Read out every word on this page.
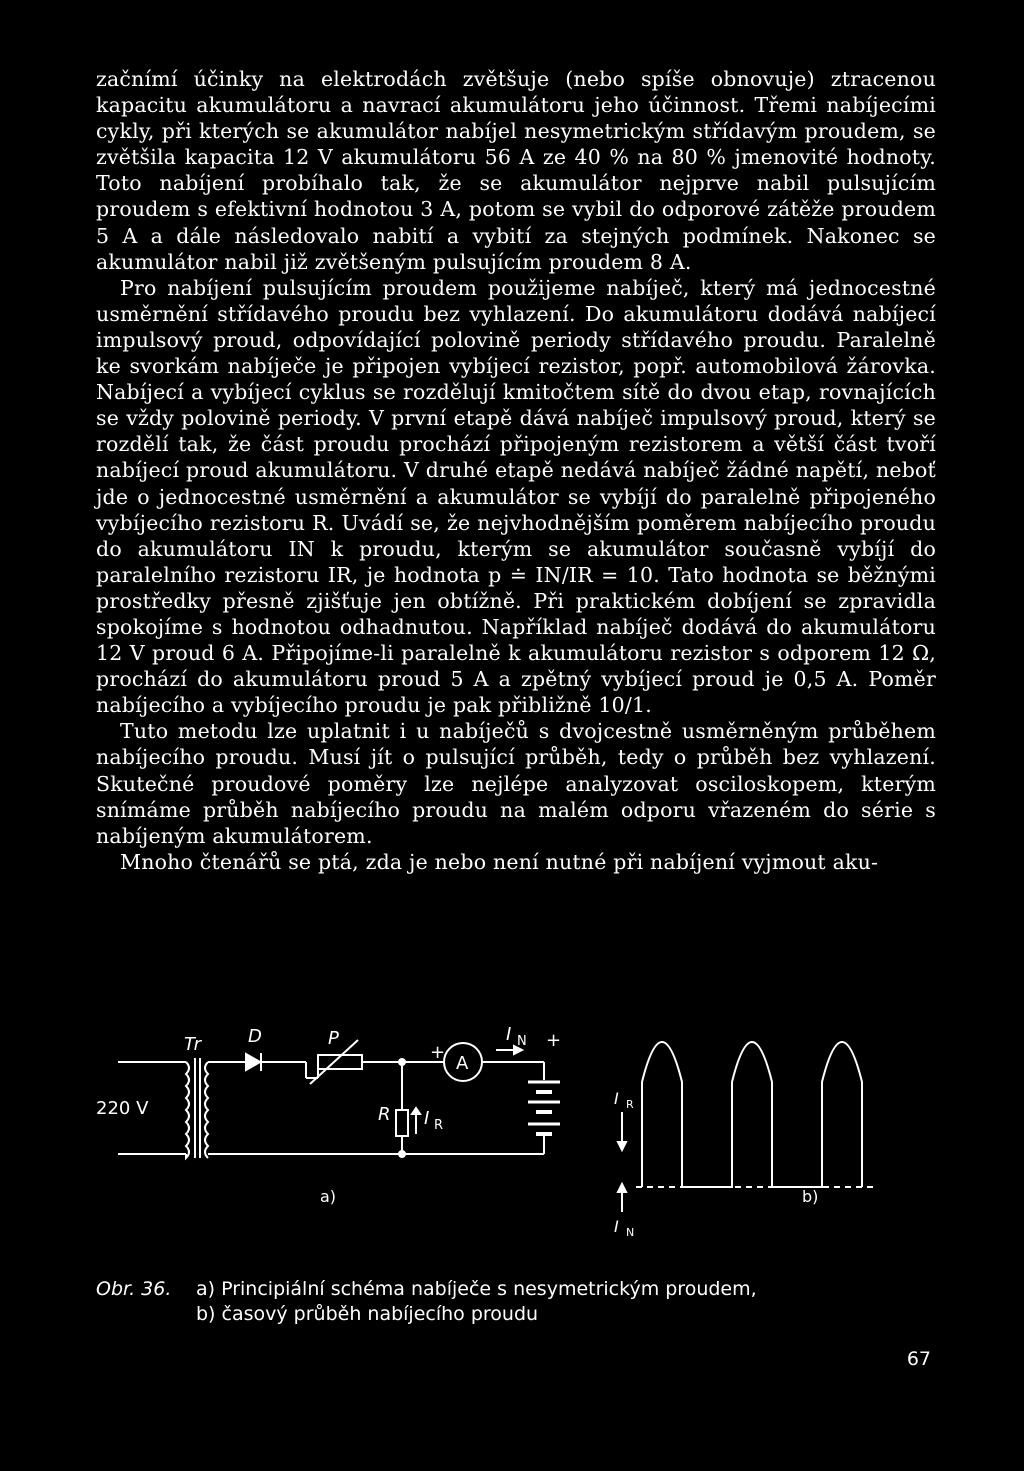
začnímí účinky na elektrodách zvětšuje (nebo spíše obnovuje) ztracenou kapacitu akumulátoru a navrací akumulátoru jeho účinnost. Třemi nabíjecími cykly, při kterých se akumulátor nabíjel nesymetrickým střídavým proudem, se zvětšila kapacita 12 V akumulátoru 56 A ze 40 % na 80 % jmenovité hodnoty. Toto nabíjení probíhalo tak, že se akumulátor nejprve nabil pulsujícím proudem s efektivní hodnotou 3 A, potom se vybil do odporové zátěže proudem 5 A a dále následovalo nabití a vybití za stejných podmínek. Nakonec se akumulátor nabil již zvětšeným pulsujícím proudem 8 A.

Pro nabíjení pulsujícím proudem použijeme nabíječ, který má jednocestné usměrnění střídavého proudu bez vyhlazení. Do akumulátoru dodává nabíjecí impulsový proud, odpovídající polovině periody střídavého proudu. Paralelně ke svorkám nabíječe je připojen vybíjecí rezistor, popř. automobilová žárovka. Nabíjecí a vybíjecí cyklus se rozdělují kmitočtem sítě do dvou etap, rovnajících se vždy polovině periody. V první etapě dává nabíječ impulsový proud, který se rozdělí tak, že část proudu prochází připojeným rezistorem a větší část tvoří nabíjecí proud akumulátoru. V druhé etapě nedává nabíječ žádné napětí, neboť jde o jednocestné usměrnění a akumulátor se vybíjí do paralelně připojeného vybíjecího rezistoru R. Uvádí se, že nejvhodnějším poměrem nabíjecího proudu do akumulátoru IN k proudu, kterým se akumulátor současně vybíjí do paralelního rezistoru IR, je hodnota p ≐ IN/IR = 10. Tato hodnota se běžnými prostředky přesně zjišťuje jen obtížně. Při praktickém dobíjení se zpravidla spokojíme s hodnotou odhadnutou. Například nabíječ dodává do akumulátoru 12 V proud 6 A. Připojíme-li paralelně k akumulátoru rezistor s odporem 12 Ω, prochází do akumulátoru proud 5 A a zpětný vybíjecí proud je 0,5 A. Poměr nabíjecího a vybíjecího proudu je pak přibližně 10/1.

Tuto metodu lze uplatnit i u nabíječů s dvojcestně usměrněným průběhem nabíjecího proudu. Musí jít o pulsující průběh, tedy o průběh bez vyhlazení. Skutečné proudové poměry lze nejlépe analyzovat osciloskopem, kterým snímáme průběh nabíjecího proudu na malém odporu vřazeném do série s nabíjeným akumulátorem.

Mnoho čtenářů se ptá, zda je nebo není nutné při nabíjení vyjmout aku-

Tr	D	P
+
A
I N +
220 V	R I R
a)	b)
I N
I R
Obr. 36. a) Principiální schéma nabíječe s nesymetrickým proudem,
b) časový průběh nabíjecího proudu
67
